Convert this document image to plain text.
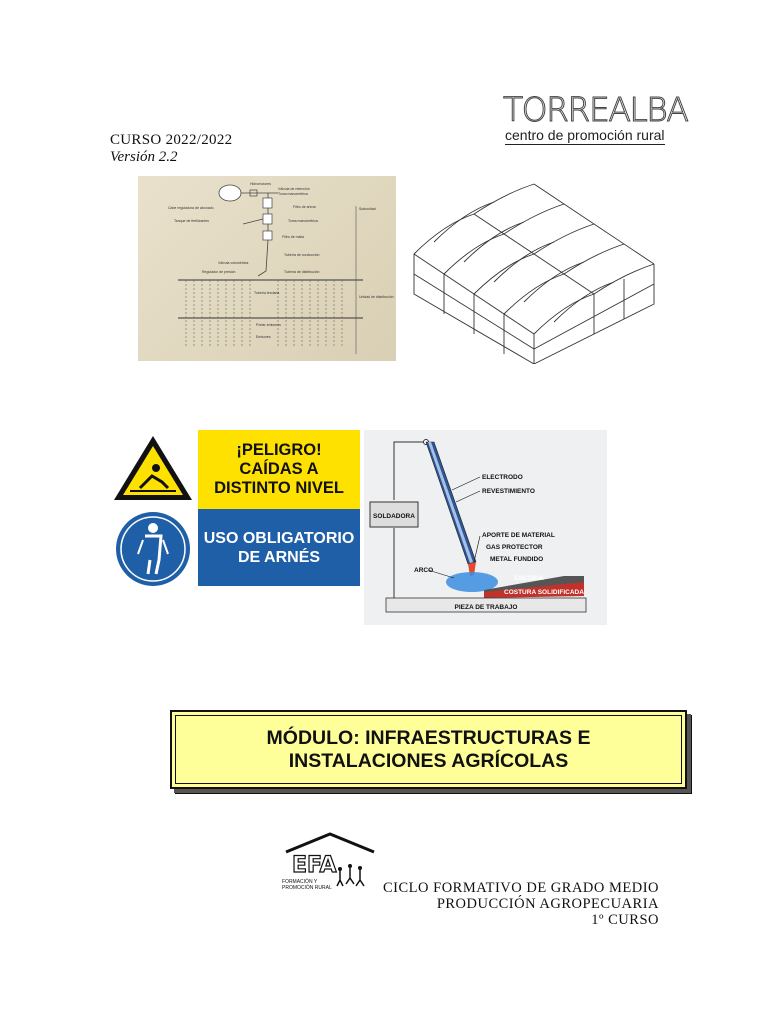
CURSO 2022/2022
Versión 2.2
TORREALBA
centro de promoción rural
Hidromotores
Válvula de retención
Toma manométrica
Cabe reguladora de abonado	Filtro de arena
Tanque de fertilizantes	Toma manométrica
Filtro de malla
Tubería de conducción
Válvula volumétrica
Regulador de presión	Tubería de distribución
Tubería terciaria
Portar-emisores
Emisores
Subunidad
Unidad de distribución
¡PELIGRO!
CAÍDAS A
DISTINTO NIVEL
USO OBLIGATORIO
DE ARNÉS
SOLDADORA
PIEZA DE TRABAJO
ELECTRODO
REVESTIMIENTO
APORTE DE MATERIAL
GAS PROTECTOR
METAL FUNDIDO
ARCO
ESCORIA
COSTURA SOLIDIFICADA
MÓDULO: INFRAESTRUCTURAS E
INSTALACIONES AGRÍCOLAS
EFA
FORMACIÓN Y
PROMOCIÓN RURAL	CICLO FORMATIVO DE GRADO MEDIO
PRODUCCIÓN AGROPECUARIA
1º CURSO
